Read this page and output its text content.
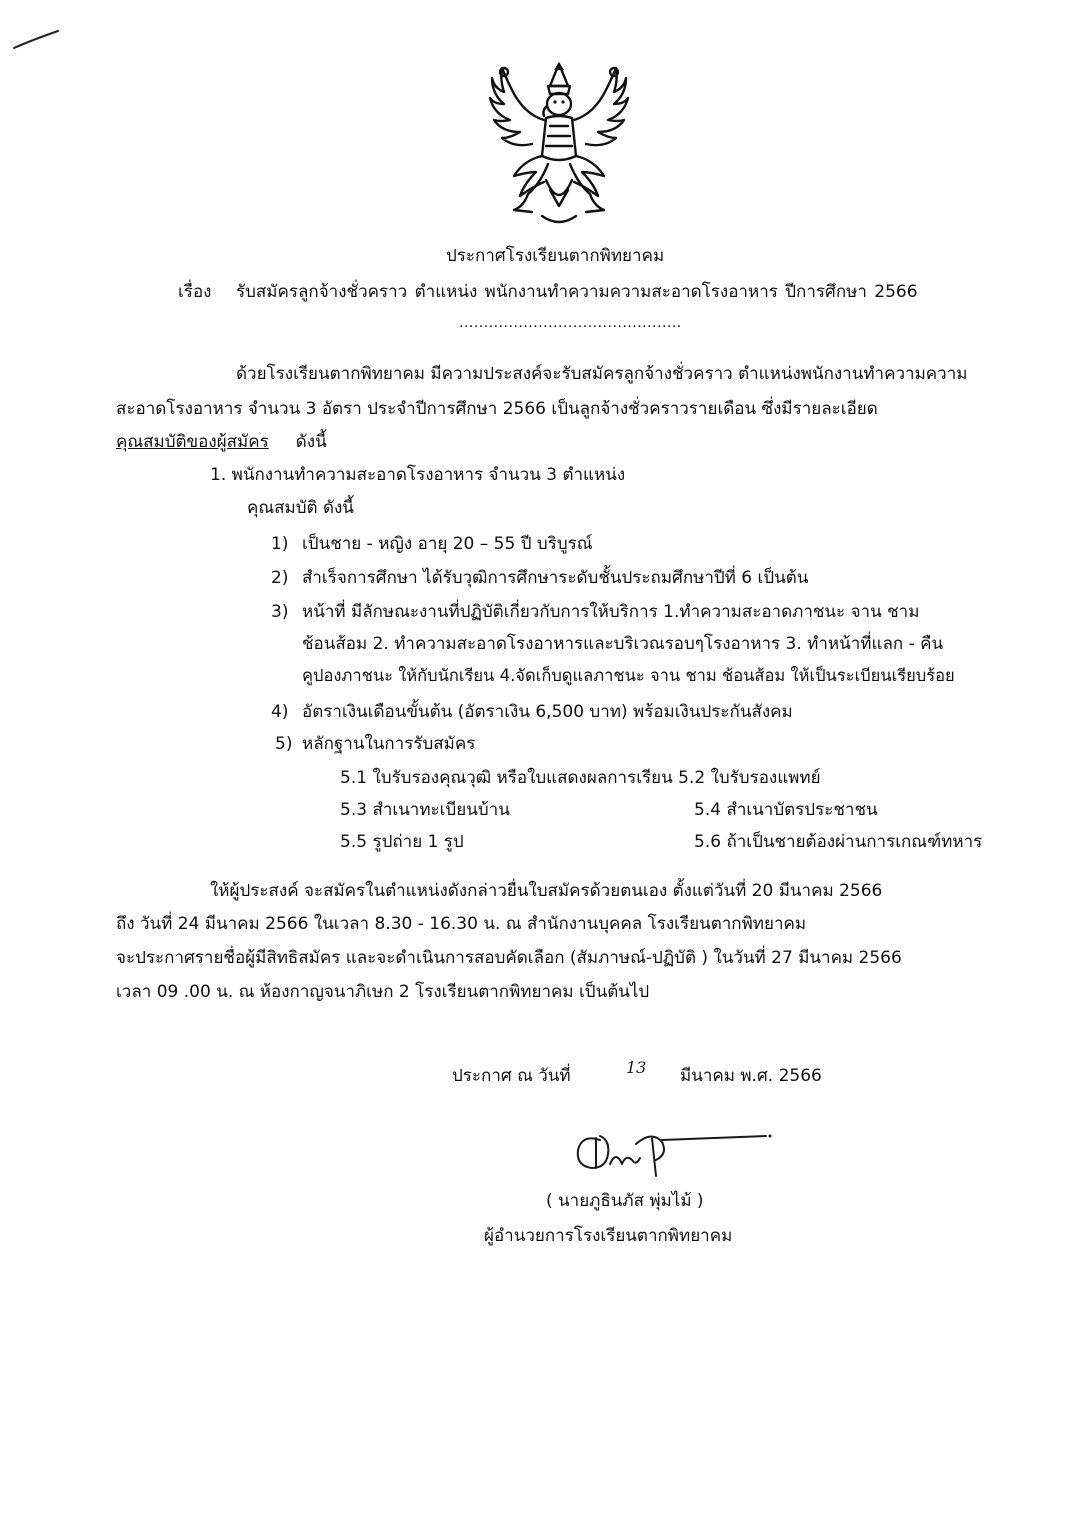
ประกาศโรงเรียนตากพิทยาคม
เรื่อง รับสมัครลูกจ้างชั่วคราว ตำแหน่ง พนักงานทำความความสะอาดโรงอาหาร ปีการศึกษา 2566
.............................................
ด้วยโรงเรียนตากพิทยาคม มีความประสงค์จะรับสมัครลูกจ้างชั่วคราว ตำแหน่งพนักงานทำความความ
สะอาดโรงอาหาร จำนวน 3 อัตรา ประจำปีการศึกษา 2566 เป็นลูกจ้างชั่วคราวรายเดือน ซึ่งมีรายละเอียด
คุณสมบัติของผู้สมัคร ดังนี้
1. พนักงานทำความสะอาดโรงอาหาร จำนวน 3 ตำแหน่ง
คุณสมบัติ ดังนี้
1) เป็นชาย - หญิง อายุ 20 – 55 ปี บริบูรณ์
2) สำเร็จการศึกษา ได้รับวุฒิการศึกษาระดับชั้นประถมศึกษาปีที่ 6 เป็นต้น
3) หน้าที่ มีลักษณะงานที่ปฏิบัติเกี่ยวกับการให้บริการ 1.ทำความสะอาดภาชนะ จาน ชาม
ช้อนส้อม 2. ทำความสะอาดโรงอาหารและบริเวณรอบๆโรงอาหาร 3. ทำหน้าที่แลก - คืน
คูปองภาชนะ ให้กับนักเรียน 4.จัดเก็บดูแลภาชนะ จาน ชาม ช้อนส้อม ให้เป็นระเบียนเรียบร้อย
4) อัตราเงินเดือนขั้นต้น (อัตราเงิน 6,500 บาท) พร้อมเงินประกันสังคม
5) หลักฐานในการรับสมัคร
5.1 ใบรับรองคุณวุฒิ หรือใบแสดงผลการเรียน 5.2 ใบรับรองแพทย์
5.3 สำเนาทะเบียนบ้าน	5.4 สำเนาบัตรประชาชน
5.5 รูปถ่าย 1 รูป	5.6 ถ้าเป็นชายต้องผ่านการเกณฑ์ทหาร
ให้ผู้ประสงค์ จะสมัครในตำแหน่งดังกล่าวยื่นใบสมัครด้วยตนเอง ตั้งแต่วันที่ 20 มีนาคม 2566
ถึง วันที่ 24 มีนาคม 2566 ในเวลา 8.30 - 16.30 น. ณ สำนักงานบุคคล โรงเรียนตากพิทยาคม
จะประกาศรายชื่อผู้มีสิทธิสมัคร และจะดำเนินการสอบคัดเลือก (สัมภาษณ์-ปฏิบัติ ) ในวันที่ 27 มีนาคม 2566
เวลา 09 .00 น. ณ ห้องกาญจนาภิเษก 2 โรงเรียนตากพิทยาคม เป็นต้นไป
ประกาศ ณ วันที่	13 มีนาคม พ.ศ. 2566
( นายภูธินภัส พุ่มไม้ )
ผู้อำนวยการโรงเรียนตากพิทยาคม
